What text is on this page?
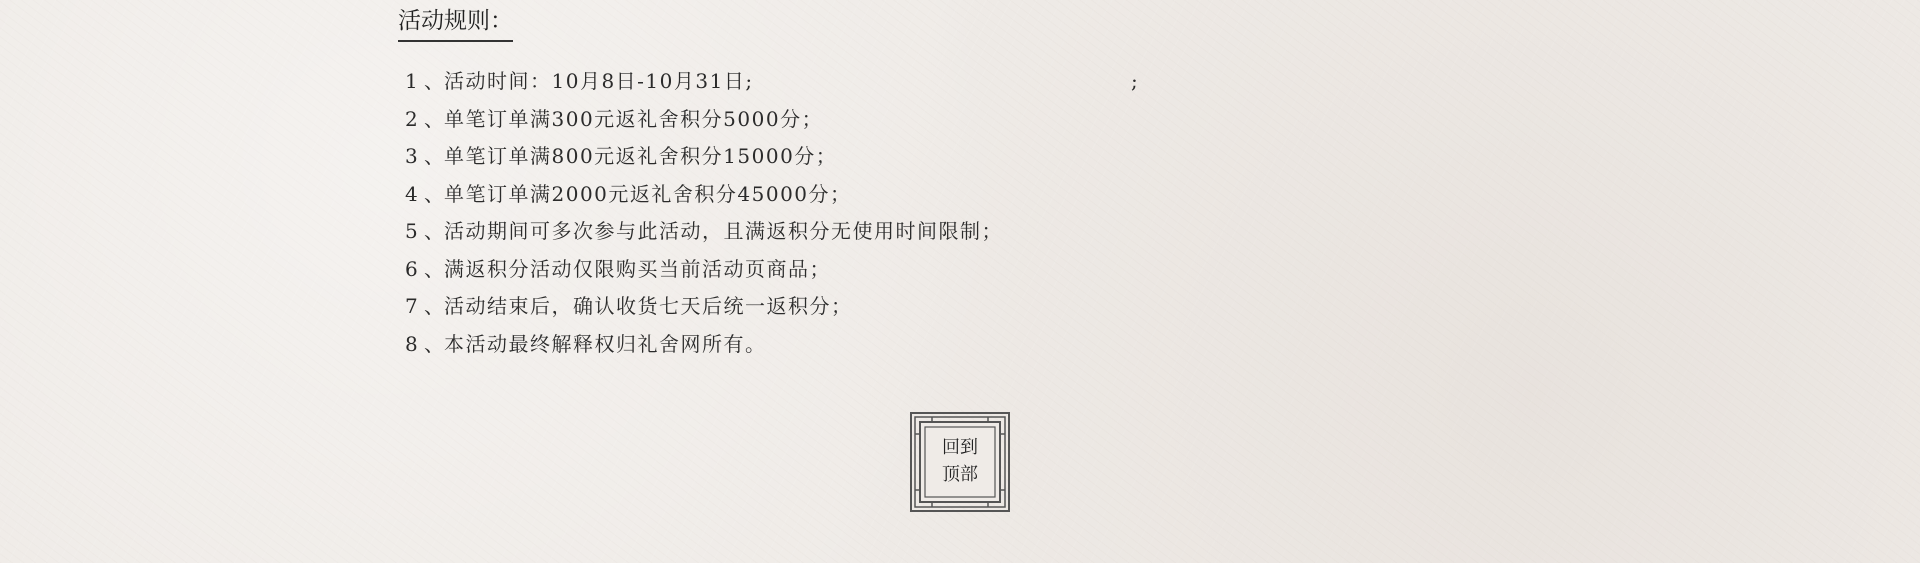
活动规则：
1 、活动时间：10月8日-10月31日;
2 、单笔订单满300元返礼舍积分5000分；
3 、单笔订单满800元返礼舍积分15000分；
4 、单笔订单满2000元返礼舍积分45000分；
5 、活动期间可多次参与此活动，且满返积分无使用时间限制；
6 、满返积分活动仅限购买当前活动页商品；
7 、活动结束后，确认收货七天后统一返积分；
8 、本活动最终解释权归礼舍网所有。
;
回到
顶部
